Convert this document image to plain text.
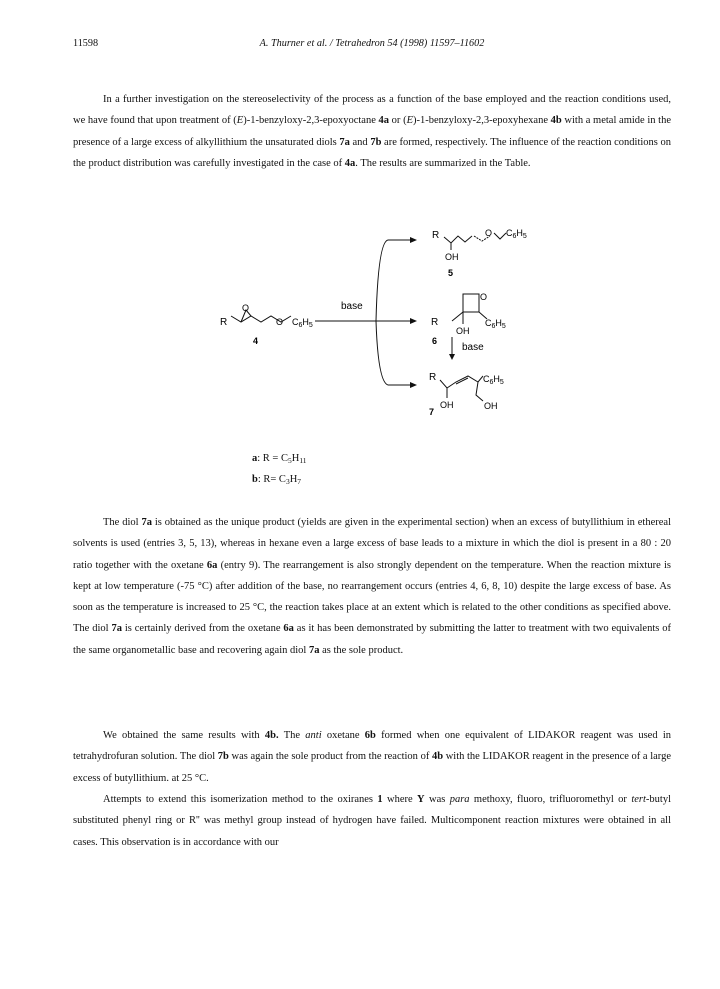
11598	A. Thurner et al. / Tetrahedron 54 (1998) 11597–11602

In a further investigation on the stereoselectivity of the process as a function of the base employed and the reaction conditions used, we have found that upon treatment of (E)-1-benzyloxy-2,3-epoxyoctane 4a or (E)-1-benzyloxy-2,3-epoxyhexane 4b with a metal amide in the presence of a large excess of alkyllithium the unsaturated diols 7a and 7b are formed, respectively. The influence of the reaction conditions on the product distribution was carefully investigated in the case of 4a. The results are summarized in the Table.

R
O
O $C_6H_5$
4
base
R	O $C_6H_5$
OH
5
R
O
$C_6H_5$
OH
6
base
R	$C_6H_5$
OH	OH
7
a: $R = C_5H_{11}$
b: $R= C_3H_7$

The diol 7a is obtained as the unique product (yields are given in the experimental section) when an excess of butyllithium in ethereal solvents is used (entries 3, 5, 13), whereas in hexane even a large excess of base leads to a mixture in which the diol is present in a 80 : 20 ratio together with the oxetane 6a (entry 9). The rearrangement is also strongly dependent on the temperature. When the reaction mixture is kept at low temperature (-75 °C) after addition of the base, no rearrangement occurs (entries 4, 6, 8, 10) despite the large excess of base. As soon as the temperature is increased to 25 °C, the reaction takes place at an extent which is related to the other conditions as specified above. The diol 7a is certainly derived from the oxetane 6a as it has been demonstrated by submitting the latter to treatment with two equivalents of the same organometallic base and recovering again diol 7a as the sole product.

We obtained the same results with 4b. The anti oxetane 6b formed when one equivalent of LIDAKOR reagent was used in tetrahydrofuran solution. The diol 7b was again the sole product from the reaction of 4b with the LIDAKOR reagent in the presence of a large excess of butyllithium. at 25 °C.

Attempts to extend this isomerization method to the oxiranes 1 where Y was para methoxy, fluoro, trifluoromethyl or tert-butyl substituted phenyl ring or R'' was methyl group instead of hydrogen have failed. Multicomponent reaction mixtures were obtained in all cases. This observation is in accordance with our
